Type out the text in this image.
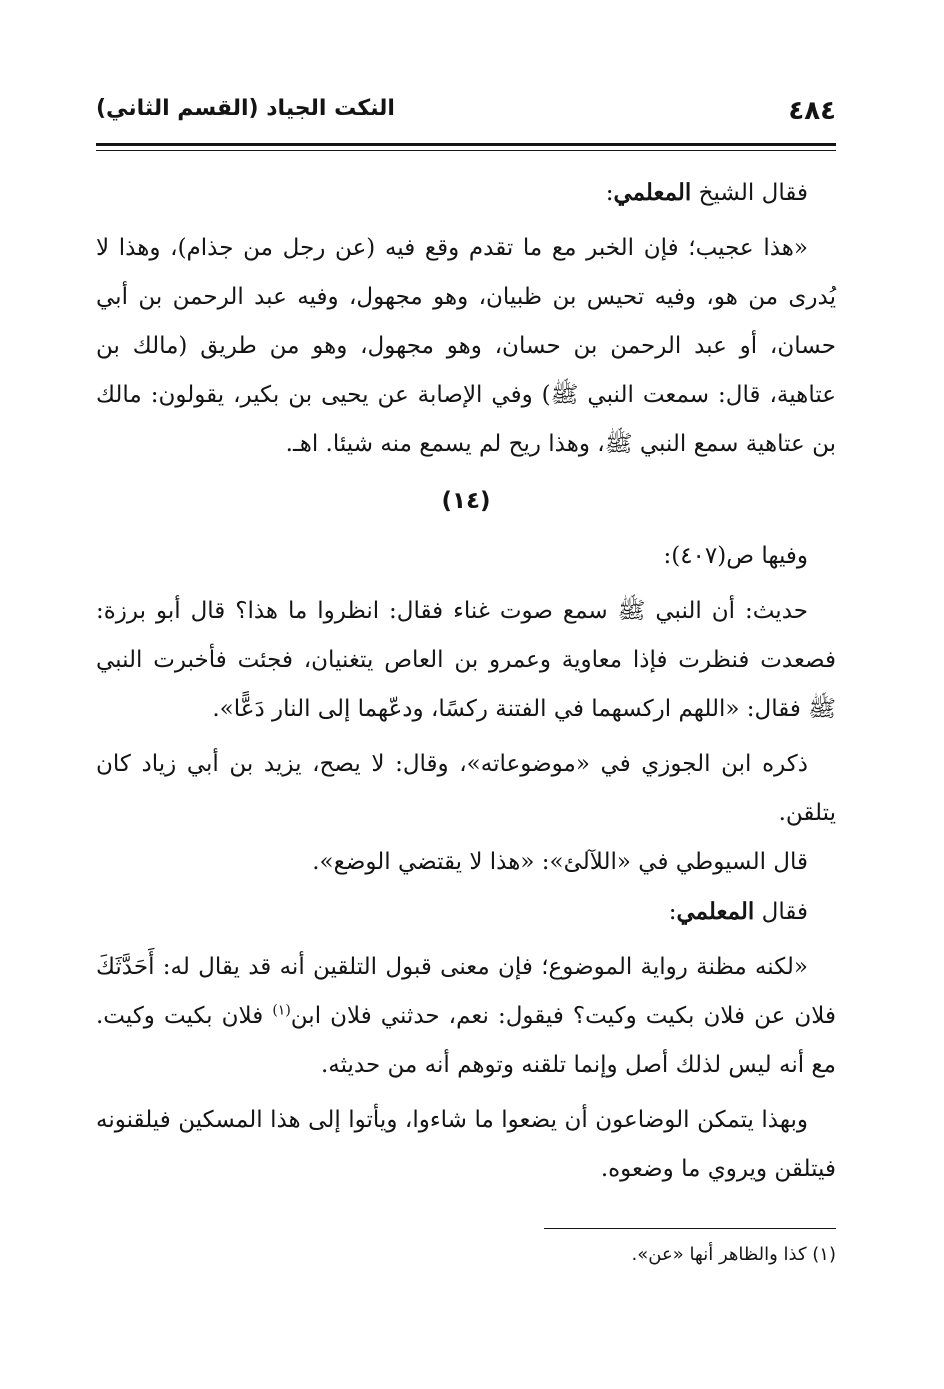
٤٨٤
النكت الجياد (القسم الثاني)

فقال الشيخ المعلمي:

«هذا عجيب؛ فإن الخبر مع ما تقدم وقع فيه (عن رجل من جذام)، وهذا لا يُدرى من هو، وفيه تحيس بن ظبيان، وهو مجهول، وفيه عبد الرحمن بن أبي حسان، أو عبد الرحمن بن حسان، وهو مجهول، وهو من طريق (مالك بن عتاهية، قال: سمعت النبي ﷺ) وفي الإصابة عن يحيى بن بكير، يقولون: مالك بن عتاهية سمع النبي ﷺ، وهذا ريح لم يسمع منه شيئا. اهـ.

(١٤)

وفيها ص(٤٠٧):

حديث: أن النبي ﷺ سمع صوت غناء فقال: انظروا ما هذا؟ قال أبو برزة: فصعدت فنظرت فإذا معاوية وعمرو بن العاص يتغنيان، فجئت فأخبرت النبي ﷺ فقال: «اللهم اركسهما في الفتنة ركسًا، ودعّهما إلى النار دَعًّا».

ذكره ابن الجوزي في «موضوعاته»، وقال: لا يصح، يزيد بن أبي زياد كان يتلقن.

قال السيوطي في «اللآلئ»: «هذا لا يقتضي الوضع».

فقال المعلمي:

«لكنه مظنة رواية الموضوع؛ فإن معنى قبول التلقين أنه قد يقال له: أَحَدَّثَكَ فلان عن فلان بكيت وكيت؟ فيقول: نعم، حدثني فلان ابن$^{(١)}$ فلان بكيت وكيت. مع أنه ليس لذلك أصل وإنما تلقنه وتوهم أنه من حديثه.

وبهذا يتمكن الوضاعون أن يضعوا ما شاءوا، ويأتوا إلى هذا المسكين فيلقنونه فيتلقن ويروي ما وضعوه.

(١) كذا والظاهر أنها «عن».
